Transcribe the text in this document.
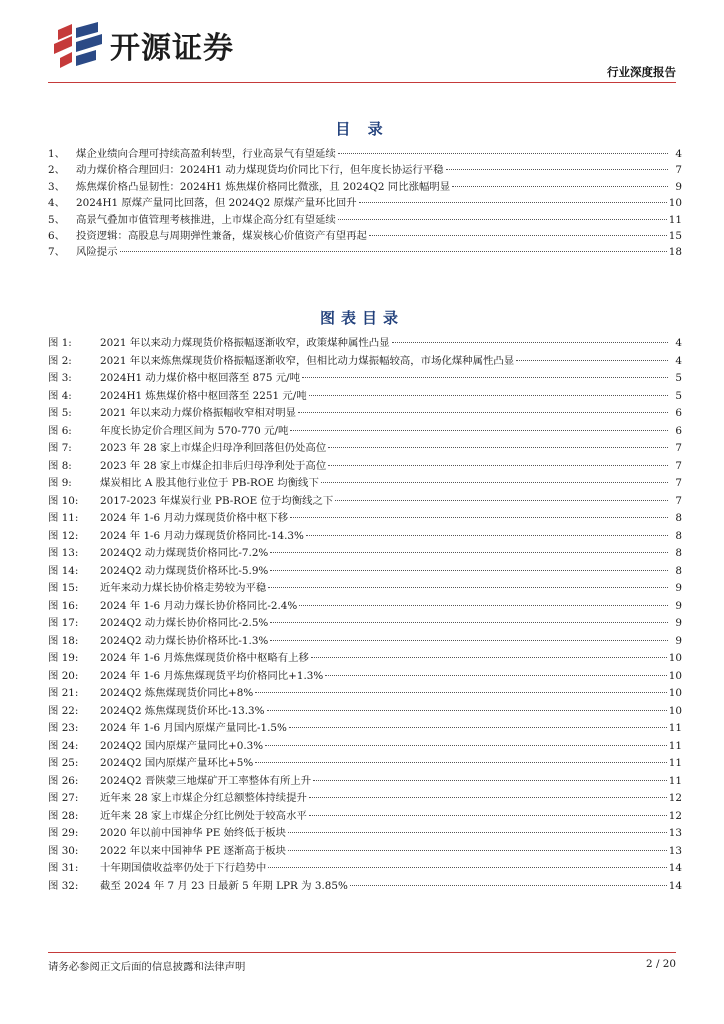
开源证券
行业深度报告
目 录
1、	煤企业绩向合理可持续高盈利转型，行业高景气有望延续	4
2、	动力煤价格合理回归：2024H1 动力煤现货均价同比下行，但年度长协运行平稳	7
3、	炼焦煤价格凸显韧性：2024H1 炼焦煤价格同比微涨，且 2024Q2 同比涨幅明显	9
4、	2024H1 原煤产量同比回落，但 2024Q2 原煤产量环比回升	10
5、	高景气叠加市值管理考核推进，上市煤企高分红有望延续	11
6、	投资逻辑：高股息与周期弹性兼备，煤炭核心价值资产有望再起	15
7、	风险提示	18
图表目录
图 1:	2021 年以来动力煤现货价格振幅逐渐收窄，政策煤种属性凸显	4
图 2:	2021 年以来炼焦煤现货价格振幅逐渐收窄，但相比动力煤振幅较高，市场化煤种属性凸显	4
图 3:	2024H1 动力煤价格中枢回落至 875 元/吨	5
图 4:	2024H1 炼焦煤价格中枢回落至 2251 元/吨	5
图 5:	2021 年以来动力煤价格振幅收窄相对明显	6
图 6:	年度长协定价合理区间为 570-770 元/吨	6
图 7:	2023 年 28 家上市煤企归母净利回落但仍处高位	7
图 8:	2023 年 28 家上市煤企扣非后归母净利处于高位	7
图 9:	煤炭相比 A 股其他行业位于 PB-ROE 均衡线下	7
图 10:	2017-2023 年煤炭行业 PB-ROE 位于均衡线之下	7
图 11:	2024 年 1-6 月动力煤现货价格中枢下移	8
图 12:	2024 年 1-6 月动力煤现货价格同比-14.3%	8
图 13:	2024Q2 动力煤现货价格同比-7.2%	8
图 14:	2024Q2 动力煤现货价格环比-5.9%	8
图 15:	近年来动力煤长协价格走势较为平稳	9
图 16:	2024 年 1-6 月动力煤长协价格同比-2.4%	9
图 17:	2024Q2 动力煤长协价格同比-2.5%	9
图 18:	2024Q2 动力煤长协价格环比-1.3%	9
图 19:	2024 年 1-6 月炼焦煤现货价格中枢略有上移	10
图 20:	2024 年 1-6 月炼焦煤现货平均价格同比+1.3%	10
图 21:	2024Q2 炼焦煤现货价同比+8%	10
图 22:	2024Q2 炼焦煤现货价环比-13.3%	10
图 23:	2024 年 1-6 月国内原煤产量同比-1.5%	11
图 24:	2024Q2 国内原煤产量同比+0.3%	11
图 25:	2024Q2 国内原煤产量环比+5%	11
图 26:	2024Q2 晋陕蒙三地煤矿开工率整体有所上升	11
图 27:	近年来 28 家上市煤企分红总额整体持续提升	12
图 28:	近年来 28 家上市煤企分红比例处于较高水平	12
图 29:	2020 年以前中国神华 PE 始终低于板块	13
图 30:	2022 年以来中国神华 PE 逐渐高于板块	13
图 31:	十年期国债收益率仍处于下行趋势中	14
图 32:	截至 2024 年 7 月 23 日最新 5 年期 LPR 为 3.85%	14
请务必参阅正文后面的信息披露和法律声明	2 / 20
